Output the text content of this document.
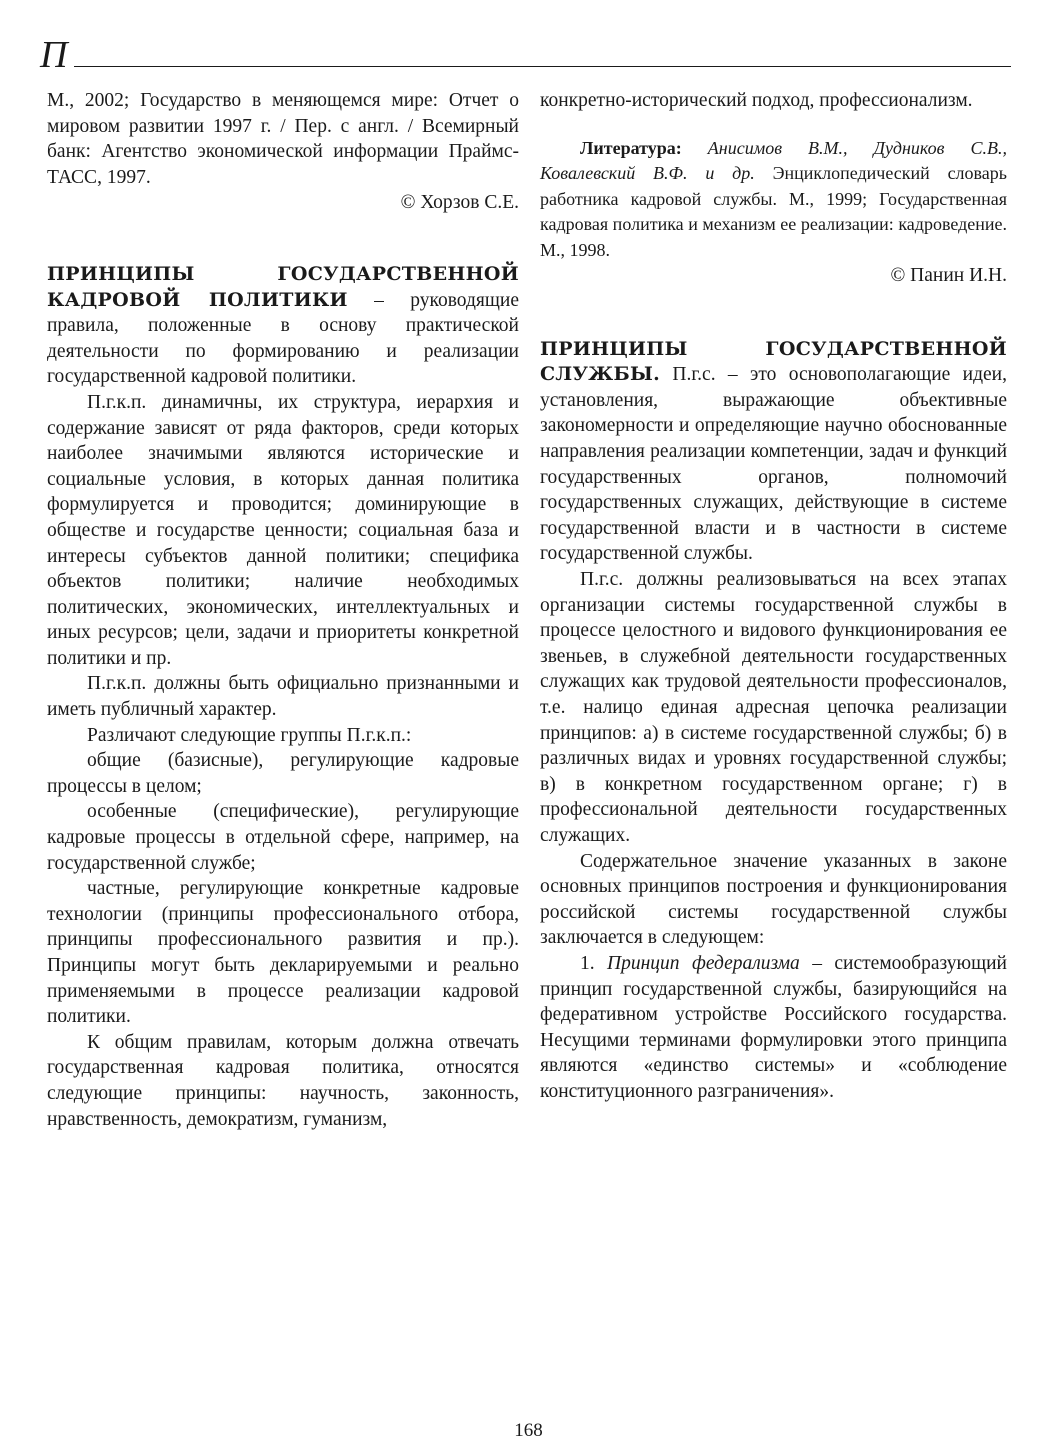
П

М., 2002; Государство в меняющемся мире: Отчет о мировом развитии 1997 г. / Пер. с англ. / Всемирный банк: Агентство экономической информации Праймс-ТАСС, 1997.

© Хорзов С.Е.

ПРИНЦИПЫ ГОСУДАРСТВЕННОЙ КАДРОВОЙ ПОЛИТИКИ – руководящие правила, положенные в основу практической деятельности по формированию и реализации государственной кадровой политики.

П.г.к.п. динамичны, их структура, иерархия и содержание зависят от ряда факторов, среди которых наиболее значимыми являются исторические и социальные условия, в которых данная политика формулируется и проводится; доминирующие в обществе и государстве ценности; социальная база и интересы субъектов данной политики; специфика объектов политики; наличие необходимых политических, экономических, интеллектуальных и иных ресурсов; цели, задачи и приоритеты конкретной политики и пр.

П.г.к.п. должны быть официально признанными и иметь публичный характер.

Различают следующие группы П.г.к.п.:

общие (базисные), регулирующие кадровые процессы в целом;

особенные (специфические), регулирующие кадровые процессы в отдельной сфере, например, на государственной службе;

частные, регулирующие конкретные кадровые технологии (принципы профессионального отбора, принципы профессионального развития и пр.). Принципы могут быть декларируемыми и реально применяемыми в процессе реализации кадровой политики.

К общим правилам, которым должна отвечать государственная кадровая политика, относятся следующие принципы: научность, законность, нравственность, демократизм, гуманизм,

конкретно-исторический подход, профессионализм.

Литература: Анисимов В.М., Дудников С.В., Ковалевский В.Ф. и др. Энциклопедический словарь работника кадровой службы. М., 1999; Государственная кадровая политика и механизм ее реализации: кадроведение. М., 1998.

© Панин И.Н.

ПРИНЦИПЫ ГОСУДАРСТВЕННОЙ СЛУЖБЫ. П.г.с. – это основополагающие идеи, установления, выражающие объективные закономерности и определяющие научно обоснованные направления реализации компетенции, задач и функций государственных органов, полномочий государственных служащих, действующие в системе государственной власти и в частности в системе государственной службы.

П.г.с. должны реализовываться на всех этапах организации системы государственной службы в процессе целостного и видового функционирования ее звеньев, в служебной деятельности государственных служащих как трудовой деятельности профессионалов, т.е. налицо единая адресная цепочка реализации принципов: а) в системе государственной службы; б) в различных видах и уровнях государственной службы; в) в конкретном государственном органе; г) в профессиональной деятельности государственных служащих.

Содержательное значение указанных в законе основных принципов построения и функционирования российской системы государственной службы заключается в следующем:

1. Принцип федерализма – системообразующий принцип государственной службы, базирующийся на федеративном устройстве Российского государства. Несущими терминами формулировки этого принципа являются «единство системы» и «соблюдение конституционного разграничения».

168
